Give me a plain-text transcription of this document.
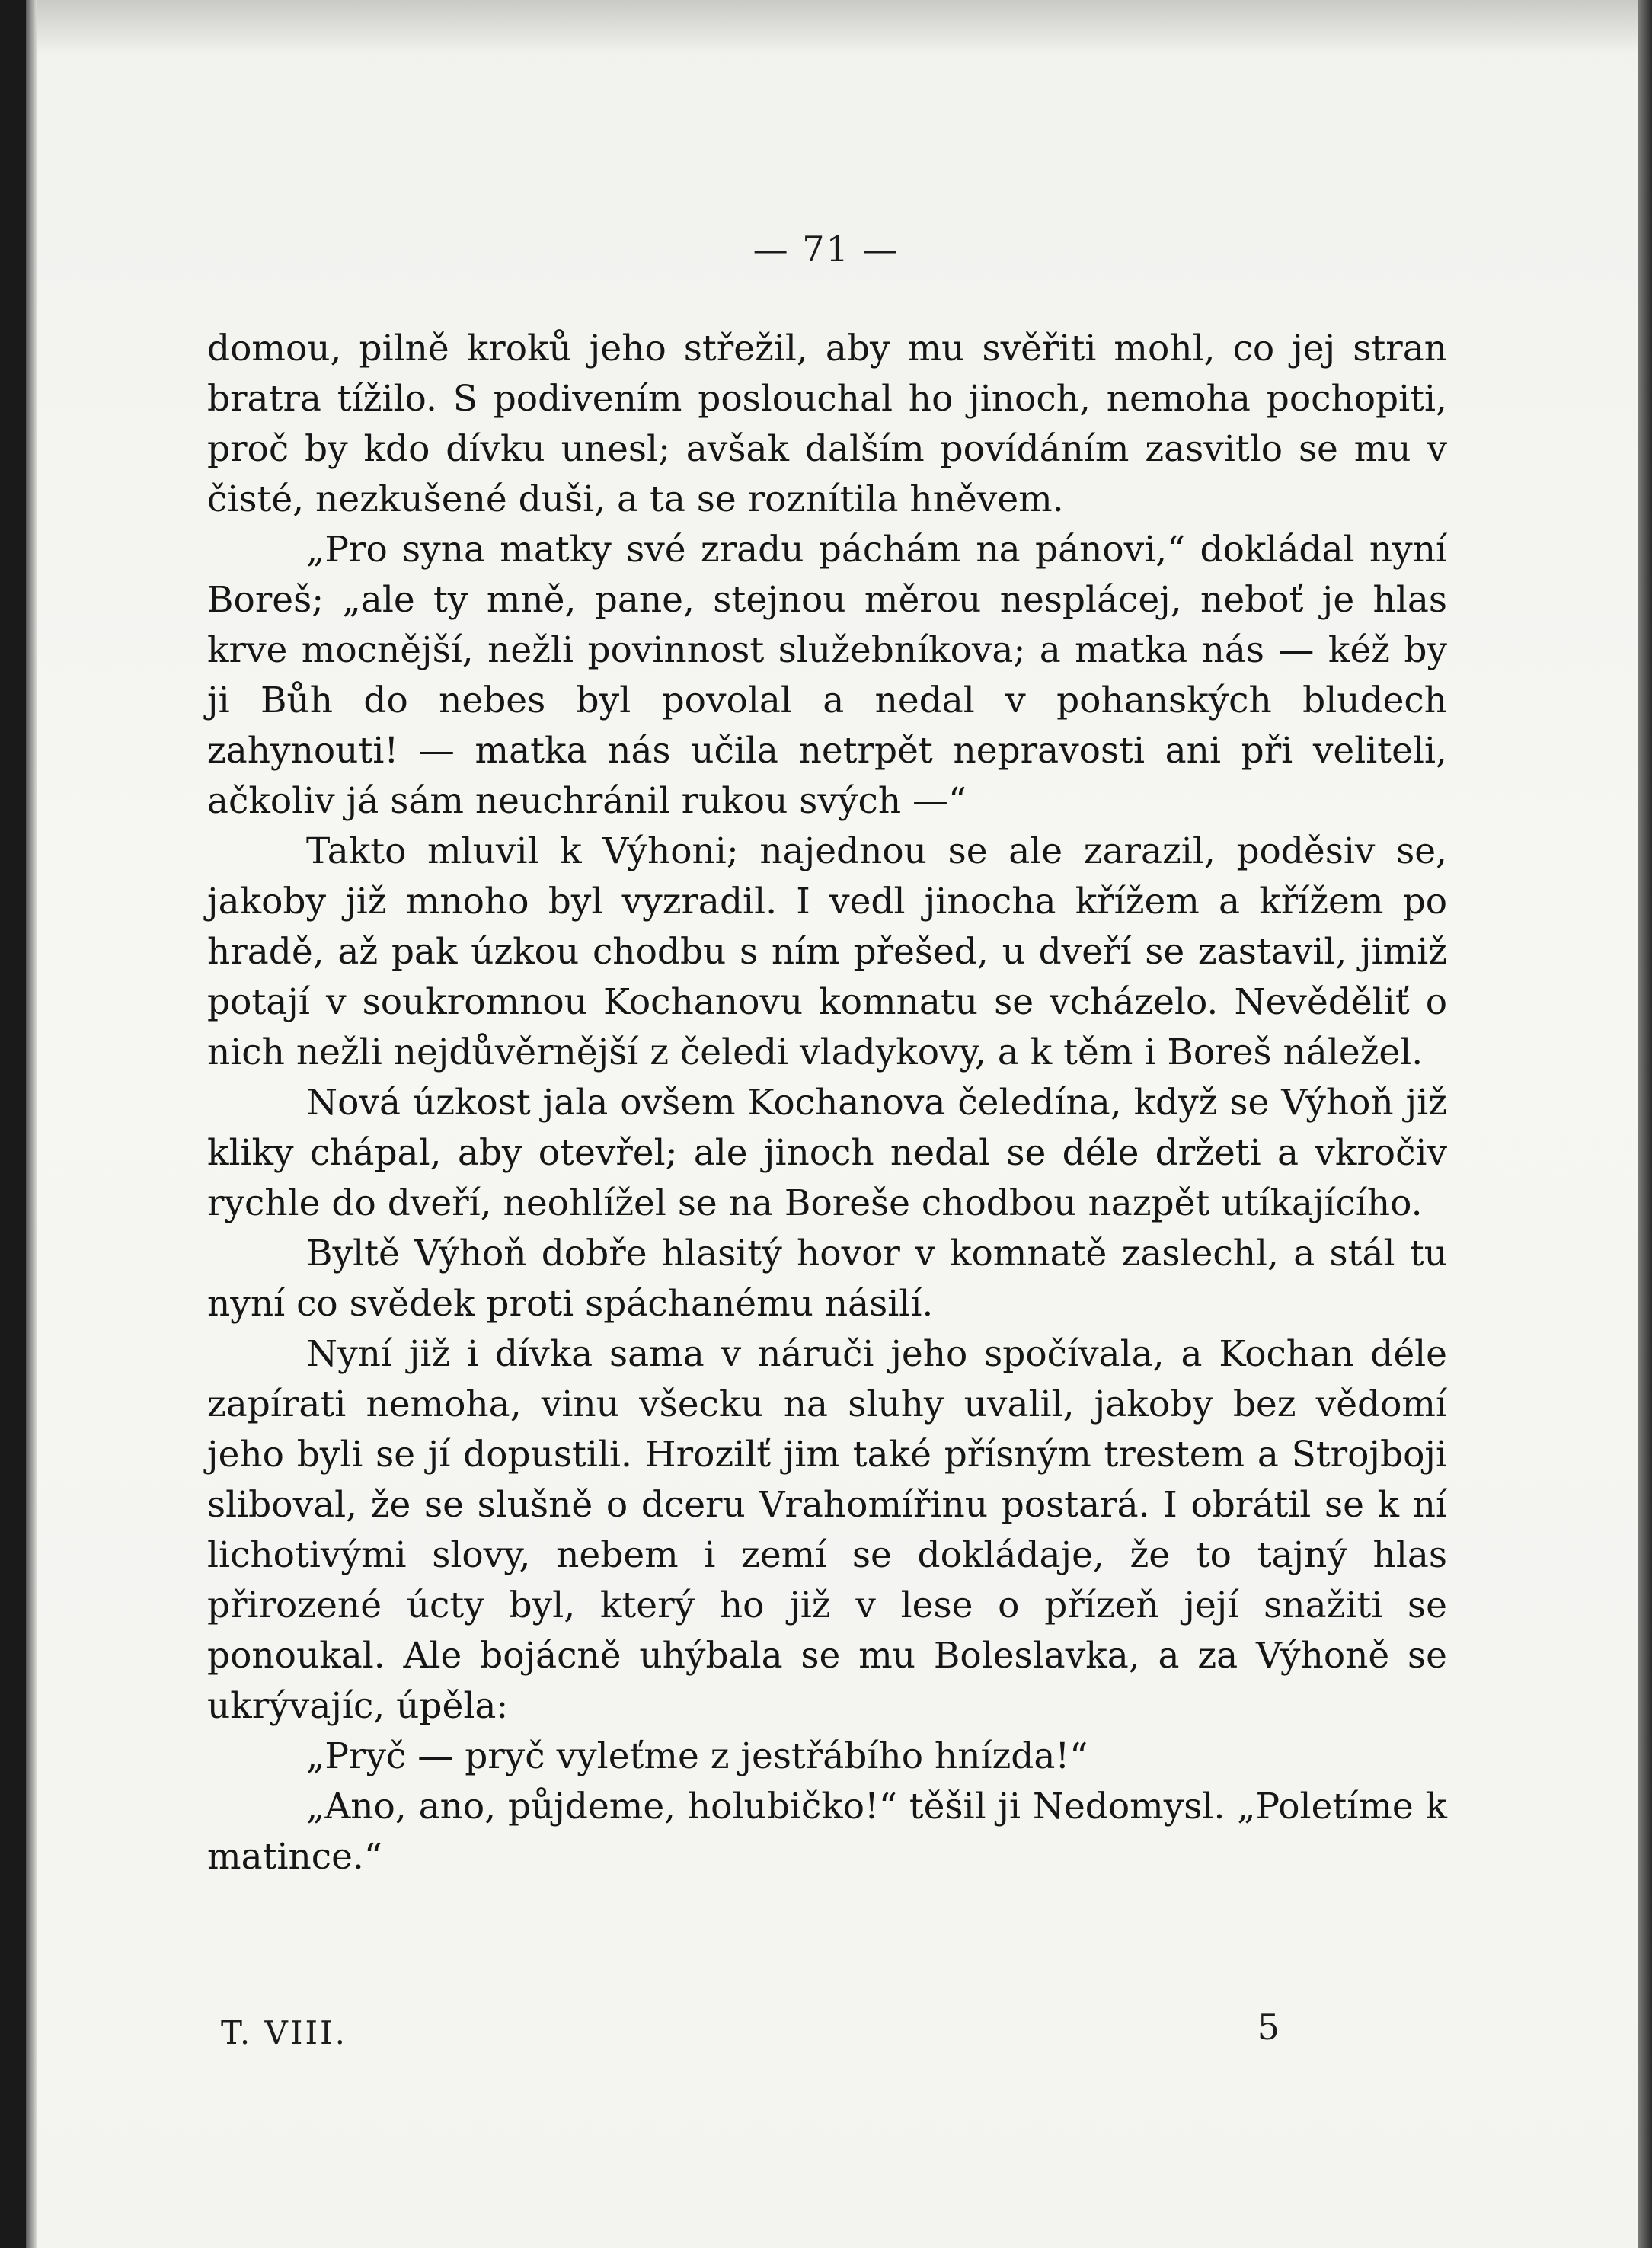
— 71 —

domou, pilně kroků jeho střežil, aby mu svěřiti mohl, co jej stran bratra tížilo. S podivením poslouchal ho jinoch, nemoha pochopiti, proč by kdo dívku unesl; avšak dalším povídáním zasvitlo se mu v čisté, nezkušené duši, a ta se roznítila hněvem.

„Pro syna matky své zradu páchám na pánovi,“ dokládal nyní Boreš; „ale ty mně, pane, stejnou měrou nesplácej, neboť je hlas krve mocnější, nežli povinnost služebníkova; a matka nás — kéž by ji Bůh do nebes byl povolal a nedal v pohanských bludech zahynouti! — matka nás učila netrpět nepravosti ani při veliteli, ačkoliv já sám neuchránil rukou svých —“

Takto mluvil k Výhoni; najednou se ale zarazil, poděsiv se, jakoby již mnoho byl vyzradil. I vedl jinocha křížem a křížem po hradě, až pak úzkou chodbu s ním přešed, u dveří se zastavil, jimiž potají v soukromnou Kochanovu komnatu se vcházelo. Nevěděliť o nich nežli nejdůvěrnější z čeledi vladykovy, a k těm i Boreš náležel.

Nová úzkost jala ovšem Kochanova čeledína, když se Výhoň již kliky chápal, aby otevřel; ale jinoch nedal se déle držeti a vkročiv rychle do dveří, neohlížel se na Boreše chodbou nazpět utíkajícího.

Byltě Výhoň dobře hlasitý hovor v komnatě zaslechl, a stál tu nyní co svědek proti spáchanému násilí.

Nyní již i dívka sama v náruči jeho spočívala, a Kochan déle zapírati nemoha, vinu všecku na sluhy uvalil, jakoby bez vědomí jeho byli se jí dopustili. Hrozilť jim také přísným trestem a Strojboji sliboval, že se slušně o dceru Vrahomířinu postará. I obrátil se k ní lichotivými slovy, nebem i zemí se dokládaje, že to tajný hlas přirozené úcty byl, který ho již v lese o přízeň její snažiti se ponoukal. Ale bojácně uhýbala se mu Boleslavka, a za Výhoně se ukrývajíc, úpěla:

„Pryč — pryč vyleťme z jestřábího hnízda!“

„Ano, ano, půjdeme, holubičko!“ těšil ji Nedomysl. „Poletíme k matince.“

T. VIII.	5
